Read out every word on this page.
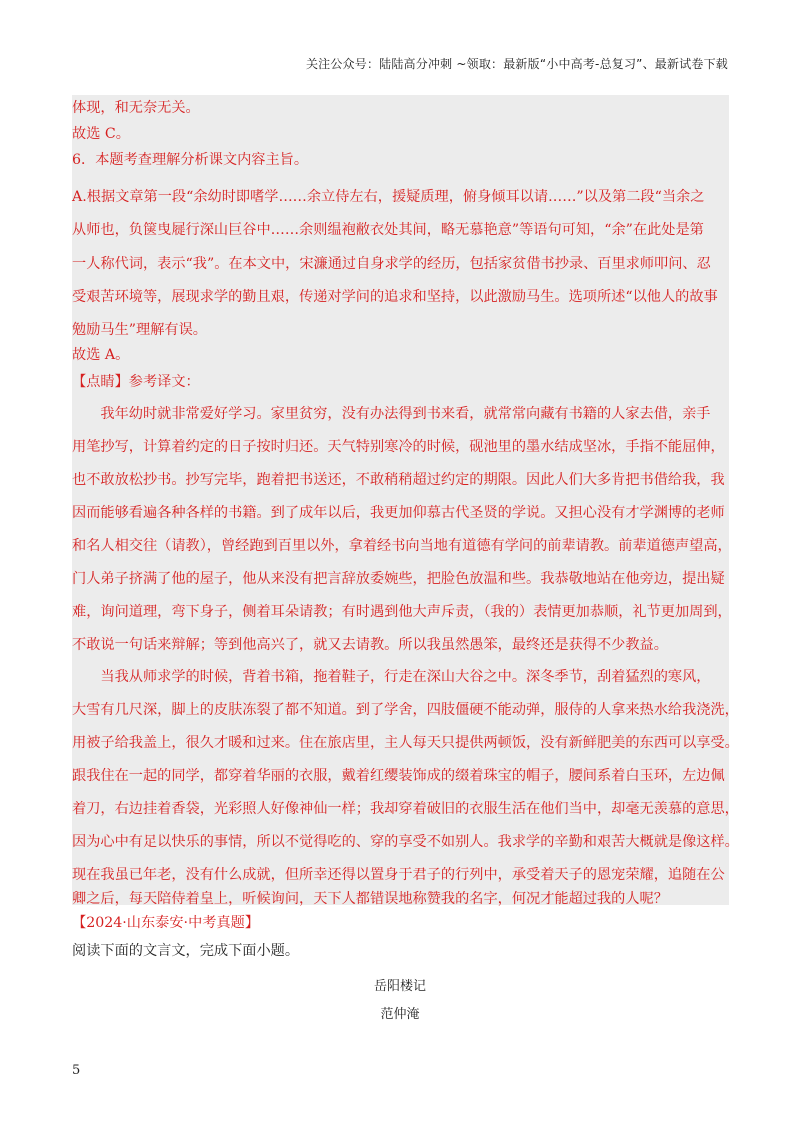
关注公众号：陆陆高分冲刺 ~领取：最新版“小中高考-总复习”、最新试卷下载
体现，和无奈无关。
故选 C。
6．本题考查理解分析课文内容主旨。
A.根据文章第一段“余幼时即嗜学……余立侍左右，援疑质理，俯身倾耳以请……”以及第二段“当余之
从师也，负箧曳屣行深山巨谷中……余则缊袍敝衣处其间，略无慕艳意”等语句可知，“余”在此处是第
一人称代词，表示“我”。在本文中，宋濂通过自身求学的经历，包括家贫借书抄录、百里求师叩问、忍
受艰苦环境等，展现求学的勤且艰，传递对学问的追求和坚持，以此激励马生。选项所述“以他人的故事
勉励马生”理解有误。
故选 A。
【点睛】参考译文：
　　我年幼时就非常爱好学习。家里贫穷，没有办法得到书来看，就常常向藏有书籍的人家去借，亲手
用笔抄写，计算着约定的日子按时归还。天气特别寒冷的时候，砚池里的墨水结成坚冰，手指不能屈伸，
也不敢放松抄书。抄写完毕，跑着把书送还，不敢稍稍超过约定的期限。因此人们大多肯把书借给我，我
因而能够看遍各种各样的书籍。到了成年以后，我更加仰慕古代圣贤的学说。又担心没有才学渊博的老师
和名人相交往（请教），曾经跑到百里以外，拿着经书向当地有道德有学问的前辈请教。前辈道德声望高，
门人弟子挤满了他的屋子，他从来没有把言辞放委婉些，把脸色放温和些。我恭敬地站在他旁边，提出疑
难，询问道理，弯下身子，侧着耳朵请教；有时遇到他大声斥责，（我的）表情更加恭顺，礼节更加周到，
不敢说一句话来辩解；等到他高兴了，就又去请教。所以我虽然愚笨，最终还是获得不少教益。
　　当我从师求学的时候，背着书箱，拖着鞋子，行走在深山大谷之中。深冬季节，刮着猛烈的寒风，
大雪有几尺深，脚上的皮肤冻裂了都不知道。到了学舍，四肢僵硬不能动弹，服侍的人拿来热水给我浇洗，
用被子给我盖上，很久才暖和过来。住在旅店里，主人每天只提供两顿饭，没有新鲜肥美的东西可以享受。
跟我住在一起的同学，都穿着华丽的衣服，戴着红缨装饰成的缀着珠宝的帽子，腰间系着白玉环，左边佩
着刀，右边挂着香袋，光彩照人好像神仙一样；我却穿着破旧的衣服生活在他们当中，却毫无羡慕的意思，
因为心中有足以快乐的事情，所以不觉得吃的、穿的享受不如别人。我求学的辛勤和艰苦大概就是像这样。
现在我虽已年老，没有什么成就，但所幸还得以置身于君子的行列中，承受着天子的恩宠荣耀，追随在公
卿之后，每天陪侍着皇上，听候询问，天下人都错误地称赞我的名字，何况才能超过我的人呢？
【2024·山东泰安·中考真题】
阅读下面的文言文，完成下面小题。
岳阳楼记
范仲淹
5
